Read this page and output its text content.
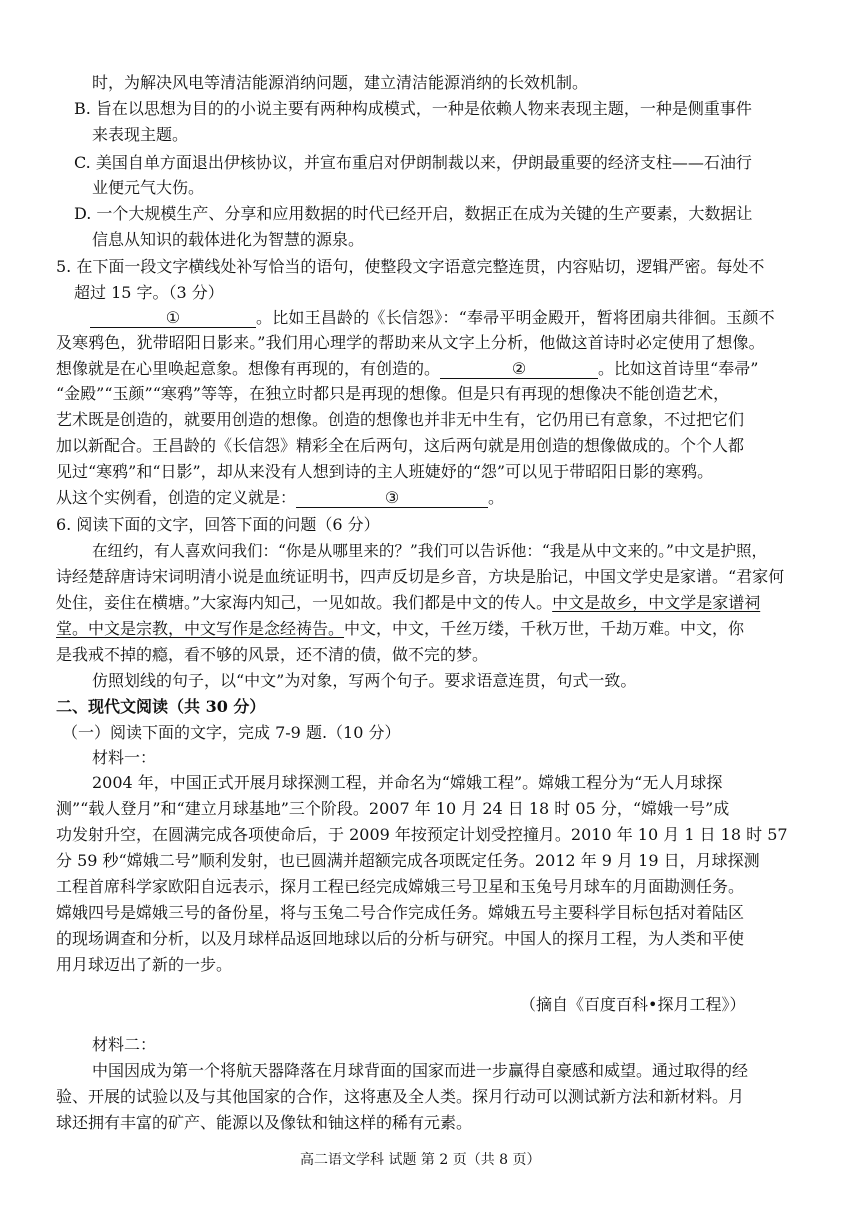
时，为解决风电等清洁能源消纳问题，建立清洁能源消纳的长效机制。
B. 旨在以思想为目的的小说主要有两种构成模式，一种是依赖人物来表现主题，一种是侧重事件
来表现主题。
C. 美国自单方面退出伊核协议，并宣布重启对伊朗制裁以来，伊朗最重要的经济支柱——石油行
业便元气大伤。
D. 一个大规模生产、分享和应用数据的时代已经开启，数据正在成为关键的生产要素，大数据让
信息从知识的载体进化为智慧的源泉。
5. 在下面一段文字横线处补写恰当的语句，使整段文字语意完整连贯，内容贴切，逻辑严密。每处不
超过 15 字。（3 分）
①	。比如王昌龄的《长信怨》：“奉帚平明金殿开，暂将团扇共徘徊。玉颜不
及寒鸦色，犹带昭阳日影来。”我们用心理学的帮助来从文字上分析，他做这首诗时必定使用了想像。
想像就是在心里唤起意象。想像有再现的，有创造的。	②	。比如这首诗里“奉帚”
“金殿”“玉颜”“寒鸦”等等，在独立时都只是再现的想像。但是只有再现的想像决不能创造艺术，
艺术既是创造的，就要用创造的想像。创造的想像也并非无中生有，它仍用已有意象，不过把它们
加以新配合。王昌龄的《长信怨》精彩全在后两句，这后两句就是用创造的想像做成的。个个人都
见过“寒鸦”和“日影”，却从来没有人想到诗的主人班婕妤的“怨”可以见于带昭阳日影的寒鸦。
从这个实例看，创造的定义就是：	③	。
6. 阅读下面的文字，回答下面的问题（6 分）
在纽约，有人喜欢问我们：“你是从哪里来的？”我们可以告诉他：“我是从中文来的。”中文是护照，
诗经楚辞唐诗宋词明清小说是血统证明书，四声反切是乡音，方块是胎记，中国文学史是家谱。“君家何
处住，妾住在横塘。”大家海内知己，一见如故。我们都是中文的传人。中文是故乡，中文学是家谱祠
堂。中文是宗教，中文写作是念经祷告。中文，中文，千丝万缕，千秋万世，千劫万难。中文，你
是我戒不掉的瘾，看不够的风景，还不清的债，做不完的梦。
仿照划线的句子，以“中文”为对象，写两个句子。要求语意连贯，句式一致。
二、现代文阅读（共 30 分）
（一）阅读下面的文字，完成 7-9 题.（10 分）
材料一：
2004 年，中国正式开展月球探测工程，并命名为“嫦娥工程”。嫦娥工程分为“无人月球探
测”“载人登月”和“建立月球基地”三个阶段。2007 年 10 月 24 日 18 时 05 分，“嫦娥一号”成
功发射升空，在圆满完成各项使命后，于 2009 年按预定计划受控撞月。2010 年 10 月 1 日 18 时 57
分 59 秒“嫦娥二号”顺利发射，也已圆满并超额完成各项既定任务。2012 年 9 月 19 日，月球探测
工程首席科学家欧阳自远表示，探月工程已经完成嫦娥三号卫星和玉兔号月球车的月面勘测任务。
嫦娥四号是嫦娥三号的备份星，将与玉兔二号合作完成任务。嫦娥五号主要科学目标包括对着陆区
的现场调查和分析，以及月球样品返回地球以后的分析与研究。中国人的探月工程，为人类和平使
用月球迈出了新的一步。
（摘自《百度百科•探月工程》）
材料二：
中国因成为第一个将航天器降落在月球背面的国家而进一步赢得自豪感和威望。通过取得的经
验、开展的试验以及与其他国家的合作，这将惠及全人类。探月行动可以测试新方法和新材料。月
球还拥有丰富的矿产、能源以及像钛和铀这样的稀有元素。
高二语文学科 试题 第 2 页（共 8 页）
